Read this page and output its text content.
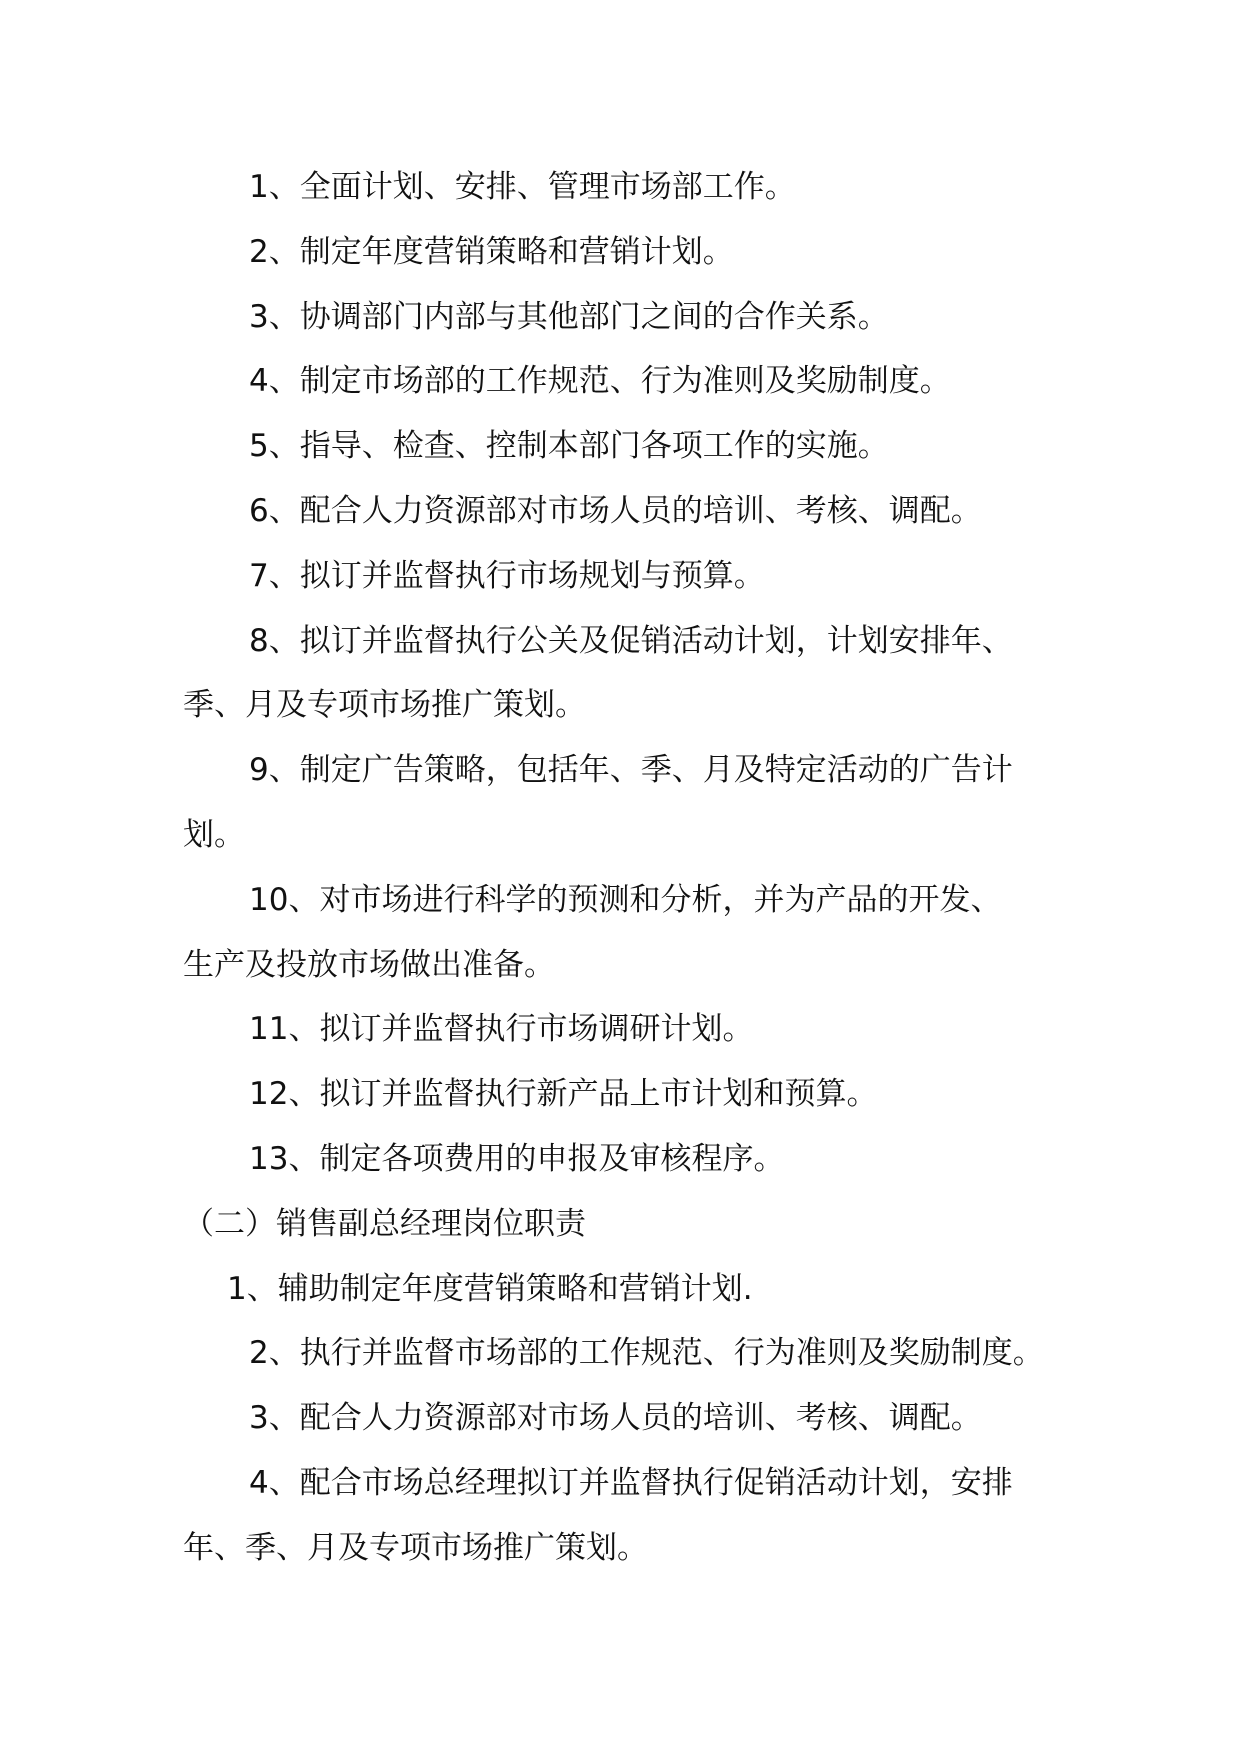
1、全面计划、安排、管理市场部工作。
2、制定年度营销策略和营销计划。
3、协调部门内部与其他部门之间的合作关系。
4、制定市场部的工作规范、行为准则及奖励制度。
5、指导、检查、控制本部门各项工作的实施。
6、配合人力资源部对市场人员的培训、考核、调配。
7、拟订并监督执行市场规划与预算。
8、拟订并监督执行公关及促销活动计划，计划安排年、
季、月及专项市场推广策划。
9、制定广告策略，包括年、季、月及特定活动的广告计
划。
10、对市场进行科学的预测和分析，并为产品的开发、
生产及投放市场做出准备。
11、拟订并监督执行市场调研计划。
12、拟订并监督执行新产品上市计划和预算。
13、制定各项费用的申报及审核程序。
（二）销售副总经理岗位职责
1、辅助制定年度营销策略和营销计划.
2、执行并监督市场部的工作规范、行为准则及奖励制度。
3、配合人力资源部对市场人员的培训、考核、调配。
4、配合市场总经理拟订并监督执行促销活动计划，安排
年、季、月及专项市场推广策划。
